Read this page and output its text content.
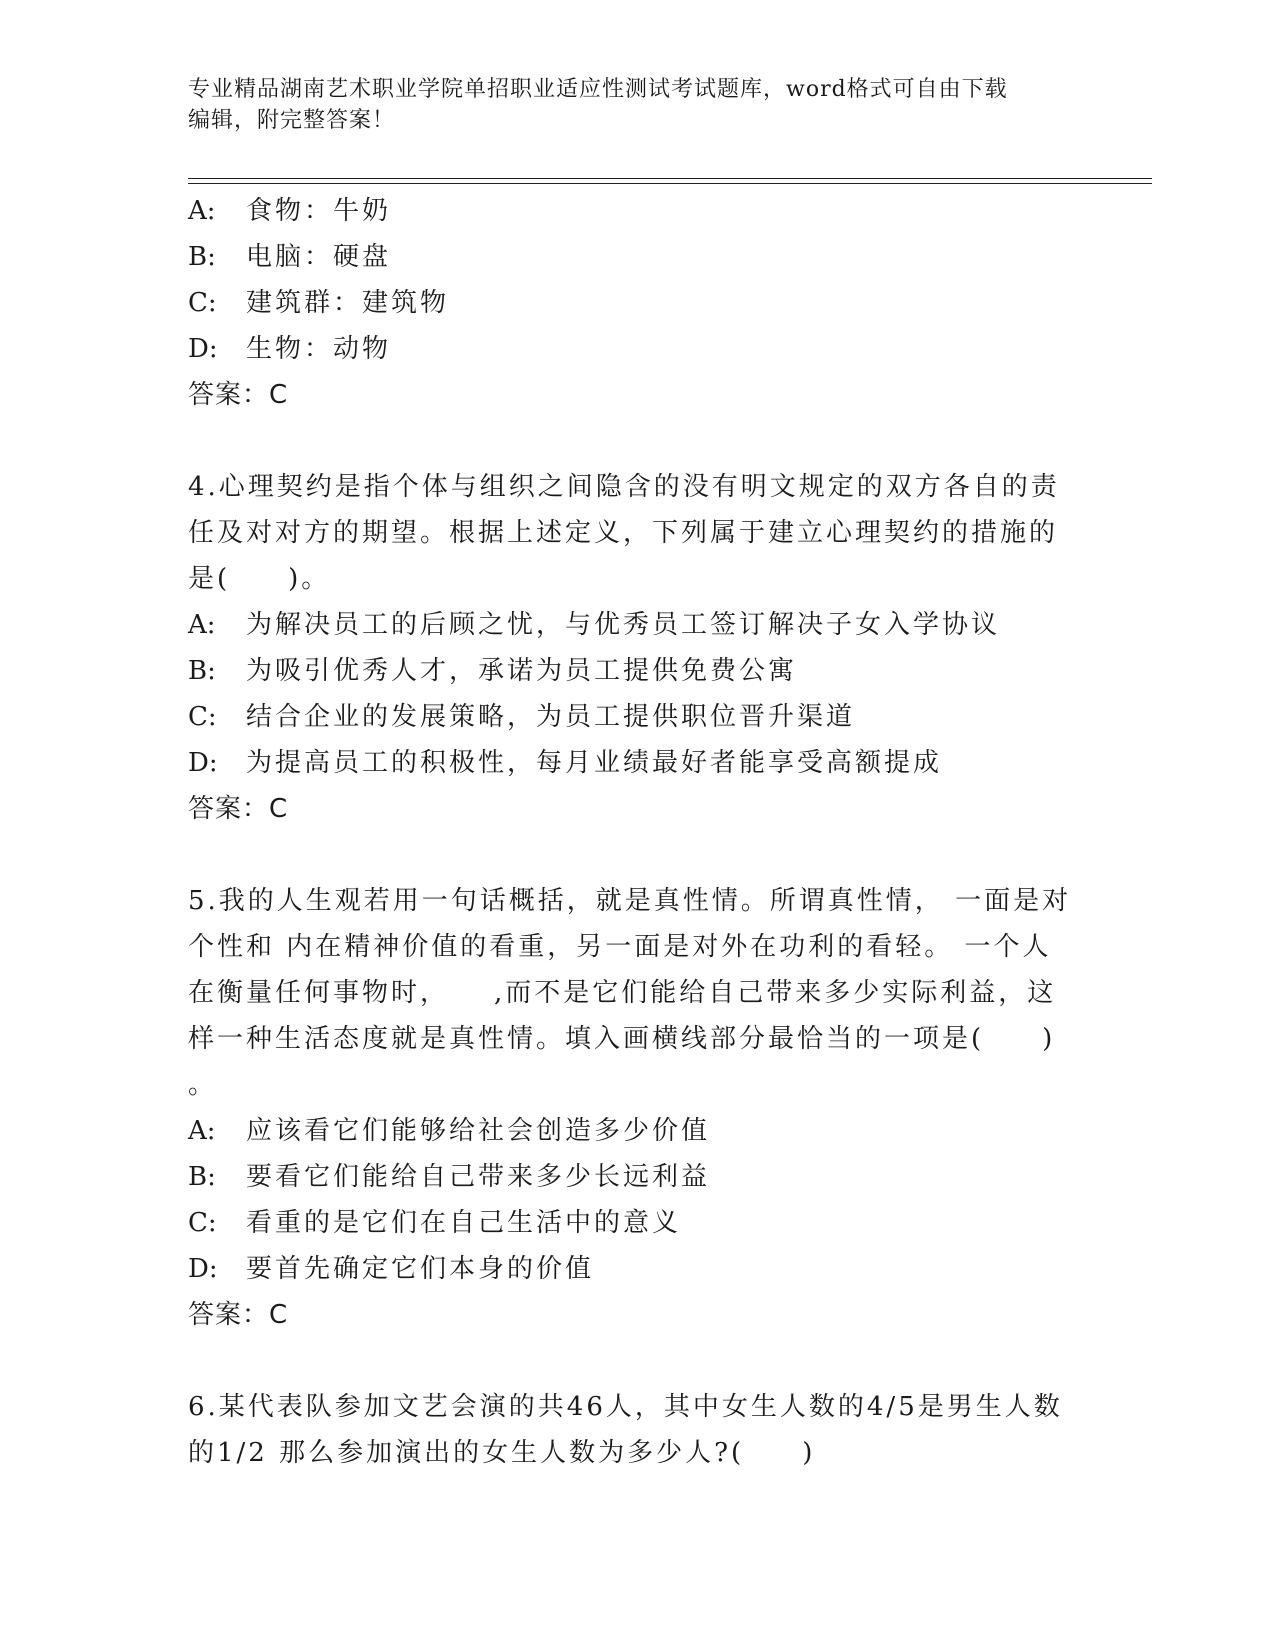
专业精品湖南艺术职业学院单招职业适应性测试考试题库，word格式可自由下载
编辑，附完整答案！
A:	食物：牛奶
B:	电脑：硬盘
C:	建筑群：建筑物
D:	生物：动物
答案：C
4.心理契约是指个体与组织之间隐含的没有明文规定的双方各自的责
任及对对方的期望。根据上述定义，下列属于建立心理契约的措施的
是(　　)。
A:	为解决员工的后顾之忧，与优秀员工签订解决子女入学协议
B:	为吸引优秀人才，承诺为员工提供免费公寓
C:	结合企业的发展策略，为员工提供职位晋升渠道
D:	为提高员工的积极性，每月业绩最好者能享受高额提成
答案：C
5.我的人生观若用一句话概括，就是真性情。所谓真性情， 一面是对
个性和 内在精神价值的看重，另一面是对外在功利的看轻。 一个人
在衡量任何事物时，　　,而不是它们能给自己带来多少实际利益，这
样一种生活态度就是真性情。填入画横线部分最恰当的一项是(　　)
。
A:	应该看它们能够给社会创造多少价值
B:	要看它们能给自己带来多少长远利益
C:	看重的是它们在自己生活中的意义
D:	要首先确定它们本身的价值
答案：C
6.某代表队参加文艺会演的共46人，其中女生人数的4/5是男生人数
的1/2 那么参加演出的女生人数为多少人?(　　)
